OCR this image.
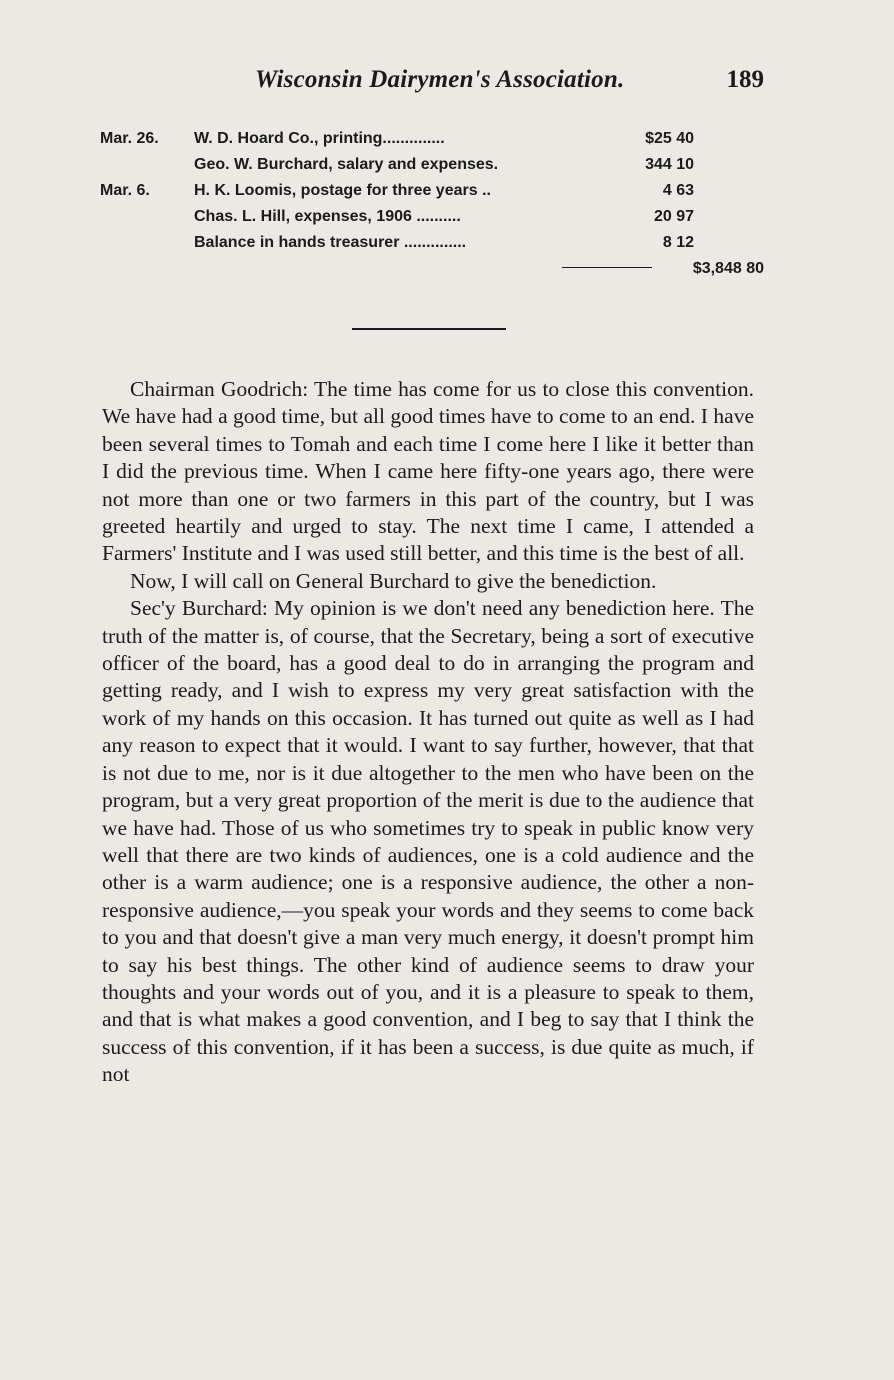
Wisconsin Dairymen's Association.	189
Mar. 26. W. D. Hoard Co., printing..............	$25 40
Geo. W. Burchard, salary and expenses.	344 10
Mar. 6.	H. K. Loomis, postage for three years ..	4 63
Chas. L. Hill, expenses, 1906 ..........	20 97
Balance in hands treasurer ..............	8 12
$3,848 80

Chairman Goodrich: The time has come for us to close this convention. We have had a good time, but all good times have to come to an end. I have been several times to Tomah and each time I come here I like it better than I did the previous time. When I came here fifty-one years ago, there were not more than one or two farmers in this part of the country, but I was greeted heartily and urged to stay. The next time I came, I attended a Farmers' Institute and I was used still better, and this time is the best of all.

Now, I will call on General Burchard to give the benediction.

Sec'y Burchard: My opinion is we don't need any benediction here. The truth of the matter is, of course, that the Secretary, being a sort of executive officer of the board, has a good deal to do in arranging the program and getting ready, and I wish to express my very great satisfaction with the work of my hands on this occasion. It has turned out quite as well as I had any reason to expect that it would. I want to say further, however, that that is not due to me, nor is it due altogether to the men who have been on the program, but a very great proportion of the merit is due to the audience that we have had. Those of us who sometimes try to speak in public know very well that there are two kinds of audiences, one is a cold audience and the other is a warm audience; one is a responsive audience, the other a non-responsive audience,—you speak your words and they seems to come back to you and that doesn't give a man very much energy, it doesn't prompt him to say his best things. The other kind of audience seems to draw your thoughts and your words out of you, and it is a pleasure to speak to them, and that is what makes a good convention, and I beg to say that I think the success of this convention, if it has been a success, is due quite as much, if not
